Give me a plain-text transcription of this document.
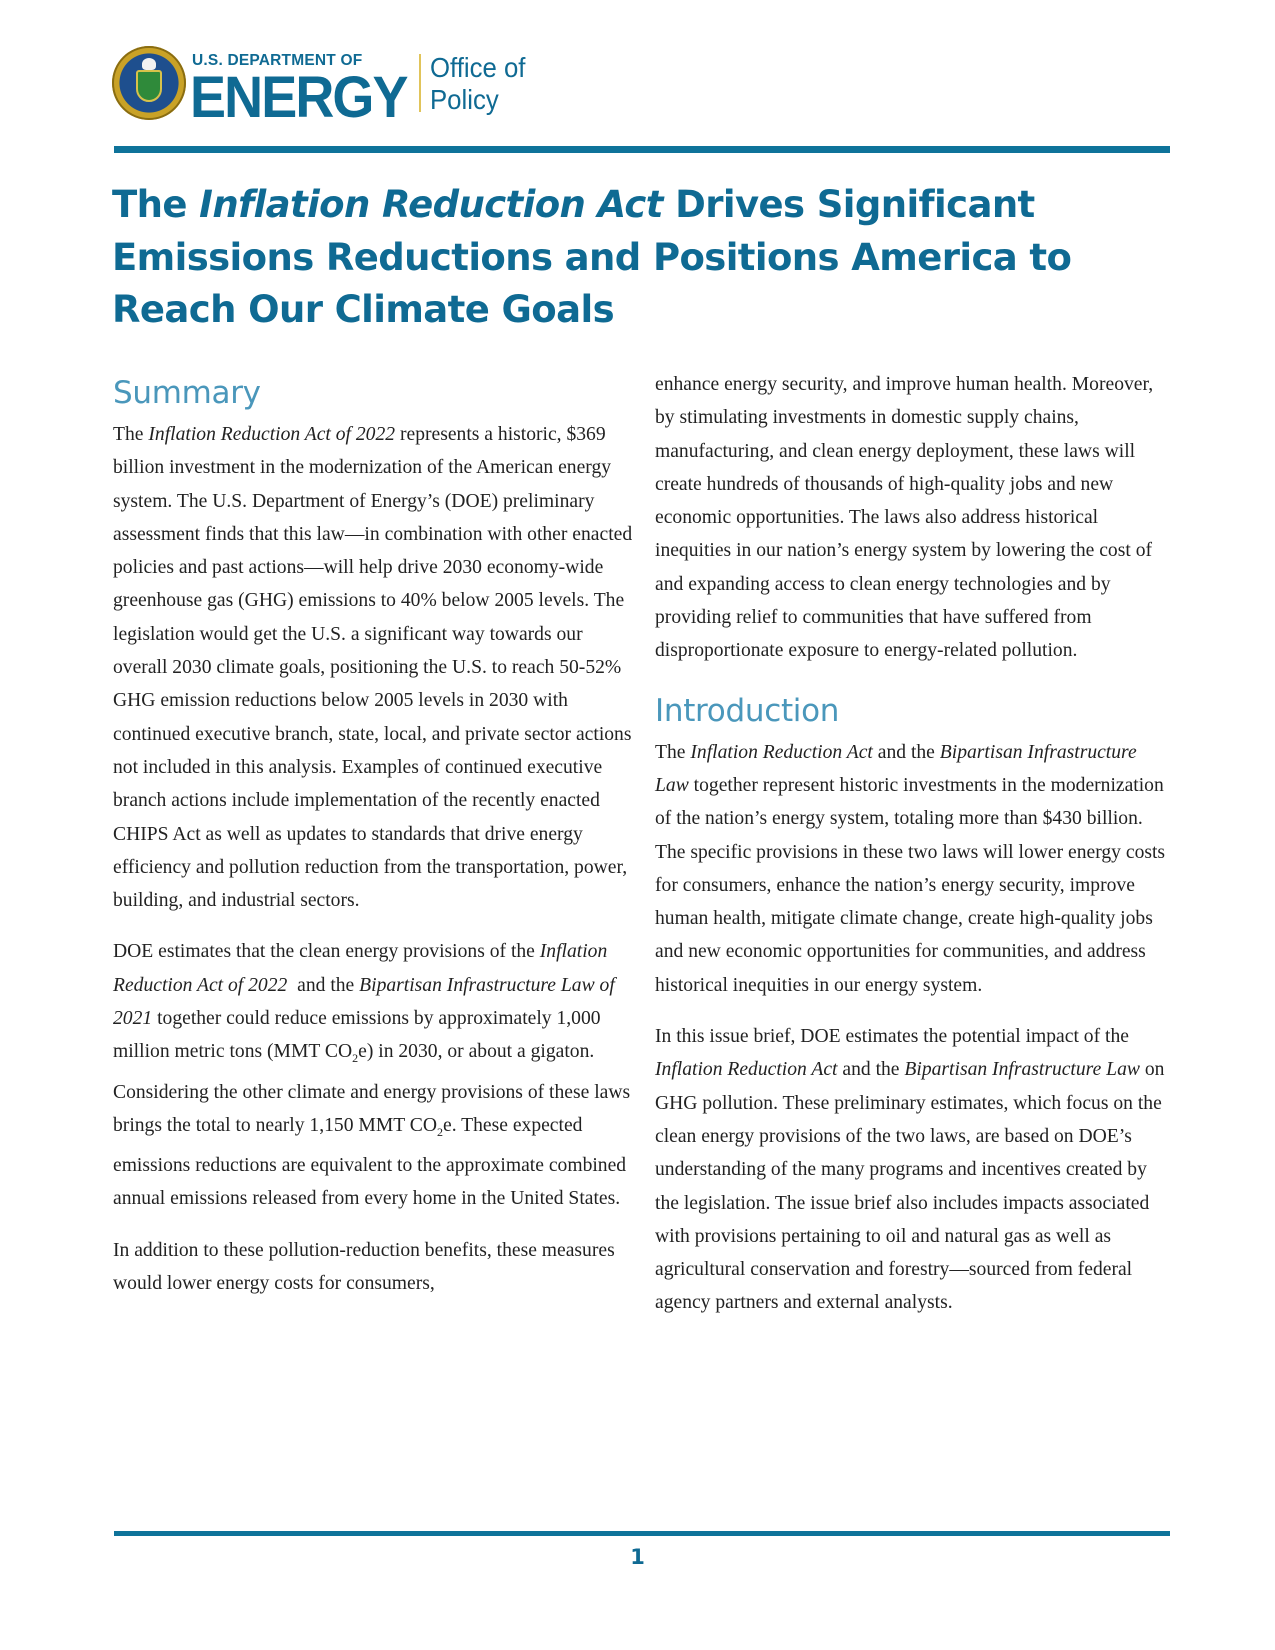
U.S. DEPARTMENT OF
ENERGY Office of
Policy
The Inflation Reduction Act Drives Significant Emissions Reductions and Positions America to Reach Our Climate Goals
Summary

The Inflation Reduction Act of 2022 represents a historic, $369 billion investment in the modernization of the American energy system. The U.S. Department of Energy’s (DOE) preliminary assessment finds that this law—in combination with other enacted policies and past actions—will help drive 2030 economy-wide greenhouse gas (GHG) emissions to 40% below 2005 levels. The legislation would get the U.S. a significant way towards our overall 2030 climate goals, positioning the U.S. to reach 50-52% GHG emission reductions below 2005 levels in 2030 with continued executive branch, state, local, and private sector actions not included in this analysis. Examples of continued executive branch actions include implementation of the recently enacted CHIPS Act as well as updates to standards that drive energy efficiency and pollution reduction from the transportation, power, building, and industrial sectors.

DOE estimates that the clean energy provisions of the Inflation Reduction Act of 2022  and the Bipartisan Infrastructure Law of 2021 together could reduce emissions by approximately 1,000 million metric tons (MMT $CO_2e$) in 2030, or about a gigaton. Considering the other climate and energy provisions of these laws brings the total to nearly 1,150 MMT $CO_2e$. These expected emissions reductions are equivalent to the approximate combined annual emissions released from every home in the United States.

In addition to these pollution-reduction benefits, these measures would lower energy costs for consumers,

enhance energy security, and improve human health. Moreover, by stimulating investments in domestic supply chains, manufacturing, and clean energy deployment, these laws will create hundreds of thousands of high-quality jobs and new economic opportunities. The laws also address historical inequities in our nation’s energy system by lowering the cost of and expanding access to clean energy technologies and by providing relief to communities that have suffered from disproportionate exposure to energy-related pollution.

Introduction

The Inflation Reduction Act and the Bipartisan Infrastructure Law together represent historic investments in the modernization of the nation’s energy system, totaling more than $430 billion. The specific provisions in these two laws will lower energy costs for consumers, enhance the nation’s energy security, improve human health, mitigate climate change, create high-quality jobs and new economic opportunities for communities, and address historical inequities in our energy system.

In this issue brief, DOE estimates the potential impact of the Inflation Reduction Act and the Bipartisan Infrastructure Law on GHG pollution. These preliminary estimates, which focus on the clean energy provisions of the two laws, are based on DOE’s understanding of the many programs and incentives created by the legislation. The issue brief also includes impacts associated with provisions pertaining to oil and natural gas as well as agricultural conservation and forestry—sourced from federal agency partners and external analysts.

1
